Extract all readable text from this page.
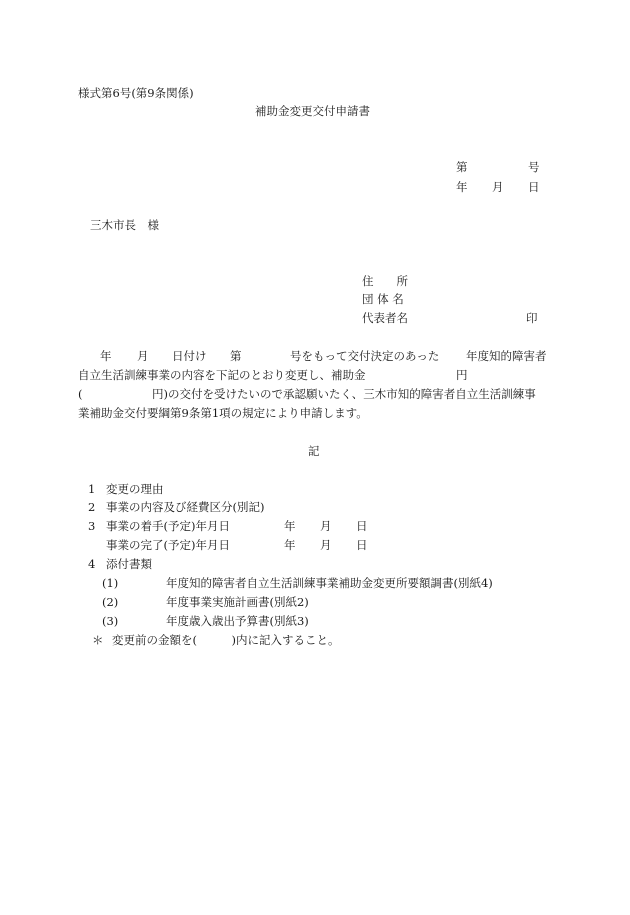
様式第6号(第9条関係)
補助金変更交付申請書
第	号
年 月 日
三木市長　様
住　　所
団 体 名
代表者名	印
年 月 日付け 第	号をもって交付決定のあった 年度知的障害者
自立生活訓練事業の内容を下記のとおり変更し、補助金	円
(	円)の交付を受けたいので承認願いたく、三木市知的障害者自立生活訓練事
業補助金交付要綱第9条第1項の規定により申請します。
記
1 変更の理由
2 事業の内容及び経費区分(別記)
3 事業の着手(予定)年月日	年 月 日
事業の完了(予定)年月日	年 月 日
4 添付書類
(1)	年度知的障害者自立生活訓練事業補助金変更所要額調書(別紙4)
(2)	年度事業実施計画書(別紙2)
(3)	年度歳入歳出予算書(別紙3)
＊ 変更前の金額を(　　　)内に記入すること。
